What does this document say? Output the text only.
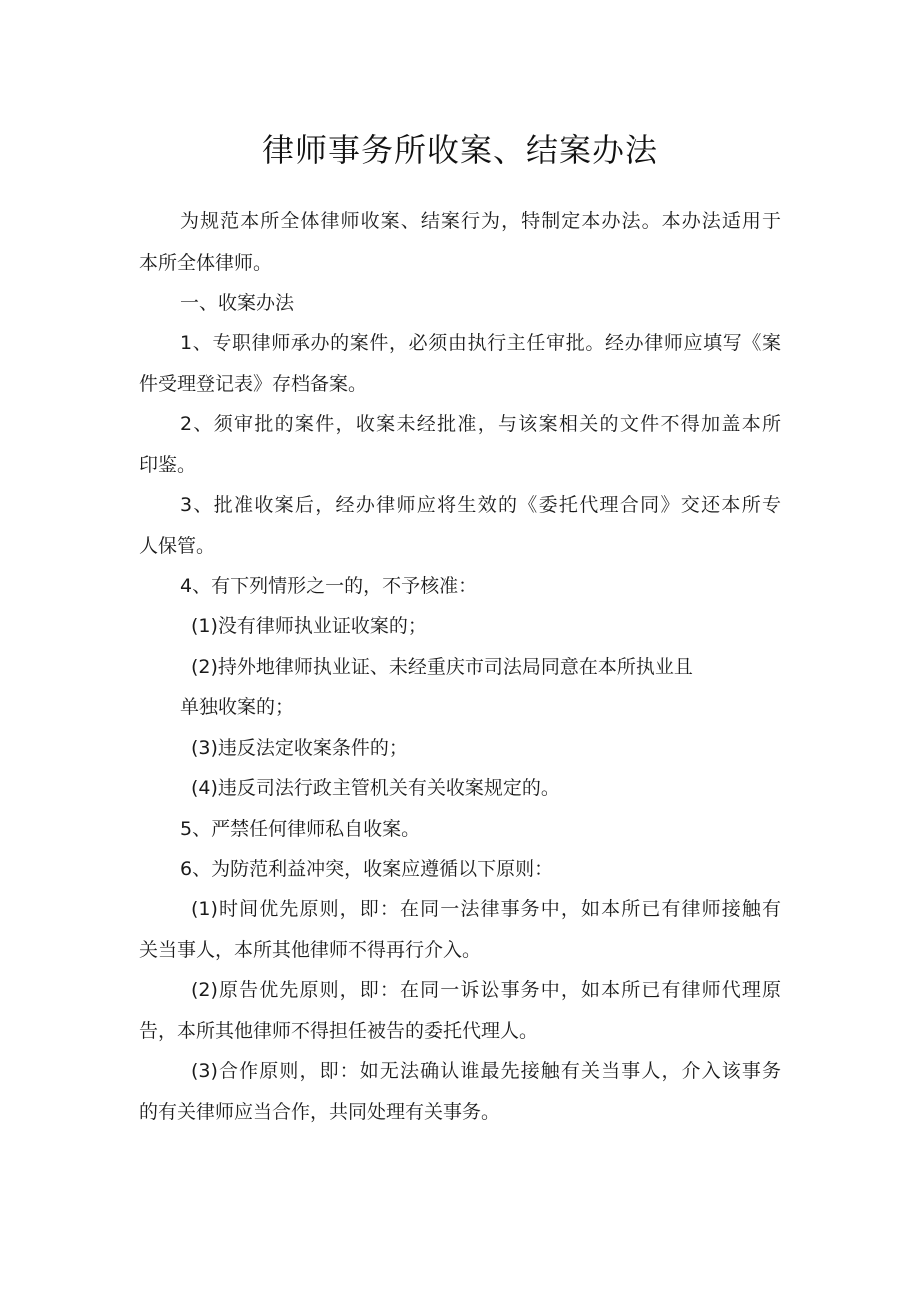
律师事务所收案、结案办法
为规范本所全体律师收案、结案行为，特制定本办法。本办法适用于
本所全体律师。
一、收案办法
1、专职律师承办的案件，必须由执行主任审批。经办律师应填写《案
件受理登记表》存档备案。
2、须审批的案件，收案未经批准，与该案相关的文件不得加盖本所
印鉴。
3、批准收案后，经办律师应将生效的《委托代理合同》交还本所专
人保管。
4、有下列情形之一的，不予核准：
(1)没有律师执业证收案的；
(2)持外地律师执业证、未经重庆市司法局同意在本所执业且
单独收案的；
(3)违反法定收案条件的；
(4)违反司法行政主管机关有关收案规定的。
5、严禁任何律师私自收案。
6、为防范利益冲突，收案应遵循以下原则：
(1)时间优先原则，即：在同一法律事务中，如本所已有律师接触有
关当事人，本所其他律师不得再行介入。
(2)原告优先原则，即：在同一诉讼事务中，如本所已有律师代理原
告，本所其他律师不得担任被告的委托代理人。
(3)合作原则，即：如无法确认谁最先接触有关当事人，介入该事务
的有关律师应当合作，共同处理有关事务。
